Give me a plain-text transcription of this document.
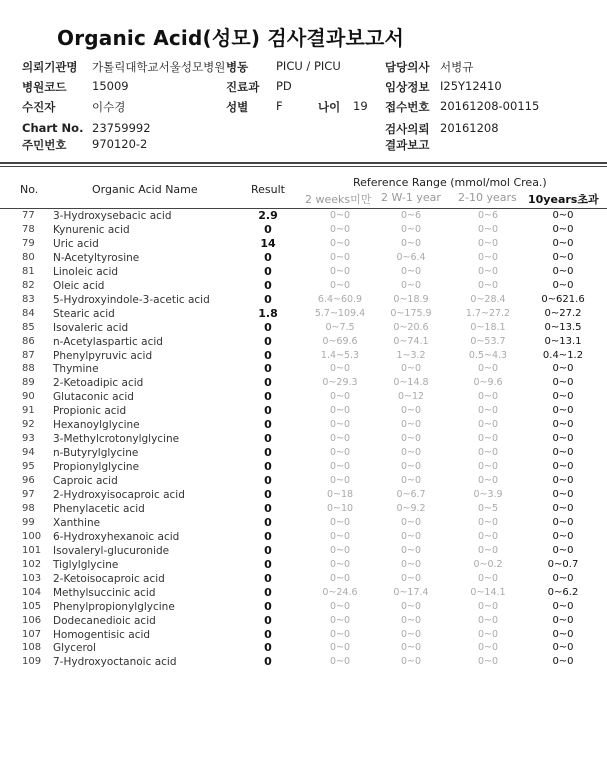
Organic Acid(성모) 검사결과보고서
의뢰기관명 가톨릭대학교서울성모병원 병동 PICU / PICU	담당의사 서병규
병원코드 15009	진료과 PD	임상정보 I25Y12410
수진자	이수경	성별 F	나이 19 접수번호 20161208-00115
Chart No. 23759992	검사의뢰 20161208
주민번호 970120-2	결과보고
No.	Organic Acid Name	Result
Reference Range (mmol/mol Crea.)
2 weeks미만 2 W-1 year 2-10 years 10years초과
77 3-Hydroxysebacic acid	2.9	0~0	0~6	0~6	0~0
78 Kynurenic acid	0	0~0	0~0	0~0	0~0
79 Uric acid	14	0~0	0~0	0~0	0~0
80 N-Acetyltyrosine	0	0~0	0~6.4	0~0	0~0
81 Linoleic acid	0	0~0	0~0	0~0	0~0
82 Oleic acid	0	0~0	0~0	0~0	0~0
83 5-Hydroxyindole-3-acetic acid	0	6.4~60.9	0~18.9	0~28.4	0~621.6
84 Stearic acid	1.8	5.7~109.4	0~175.9	1.7~27.2	0~27.2
85 Isovaleric acid	0	0~7.5	0~20.6	0~18.1	0~13.5
86 n-Acetylaspartic acid	0	0~69.6	0~74.1	0~53.7	0~13.1
87 Phenylpyruvic acid	0	1.4~5.3	1~3.2	0.5~4.3	0.4~1.2
88 Thymine	0	0~0	0~0	0~0	0~0
89 2-Ketoadipic acid	0	0~29.3	0~14.8	0~9.6	0~0
90 Glutaconic acid	0	0~0	0~12	0~0	0~0
91 Propionic acid	0	0~0	0~0	0~0	0~0
92 Hexanoylglycine	0	0~0	0~0	0~0	0~0
93 3-Methylcrotonylglycine	0	0~0	0~0	0~0	0~0
94 n-Butyrylglycine	0	0~0	0~0	0~0	0~0
95 Propionylglycine	0	0~0	0~0	0~0	0~0
96 Caproic acid	0	0~0	0~0	0~0	0~0
97 2-Hydroxyisocaproic acid	0	0~18	0~6.7	0~3.9	0~0
98 Phenylacetic acid	0	0~10	0~9.2	0~5	0~0
99 Xanthine	0	0~0	0~0	0~0	0~0
100 6-Hydroxyhexanoic acid	0	0~0	0~0	0~0	0~0
101 Isovaleryl-glucuronide	0	0~0	0~0	0~0	0~0
102 Tiglylglycine	0	0~0	0~0	0~0.2	0~0.7
103 2-Ketoisocaproic acid	0	0~0	0~0	0~0	0~0
104 Methylsuccinic acid	0	0~24.6	0~17.4	0~14.1	0~6.2
105 Phenylpropionylglycine	0	0~0	0~0	0~0	0~0
106 Dodecanedioic acid	0	0~0	0~0	0~0	0~0
107 Homogentisic acid	0	0~0	0~0	0~0	0~0
108 Glycerol	0	0~0	0~0	0~0	0~0
109 7-Hydroxyoctanoic acid	0	0~0	0~0	0~0	0~0
